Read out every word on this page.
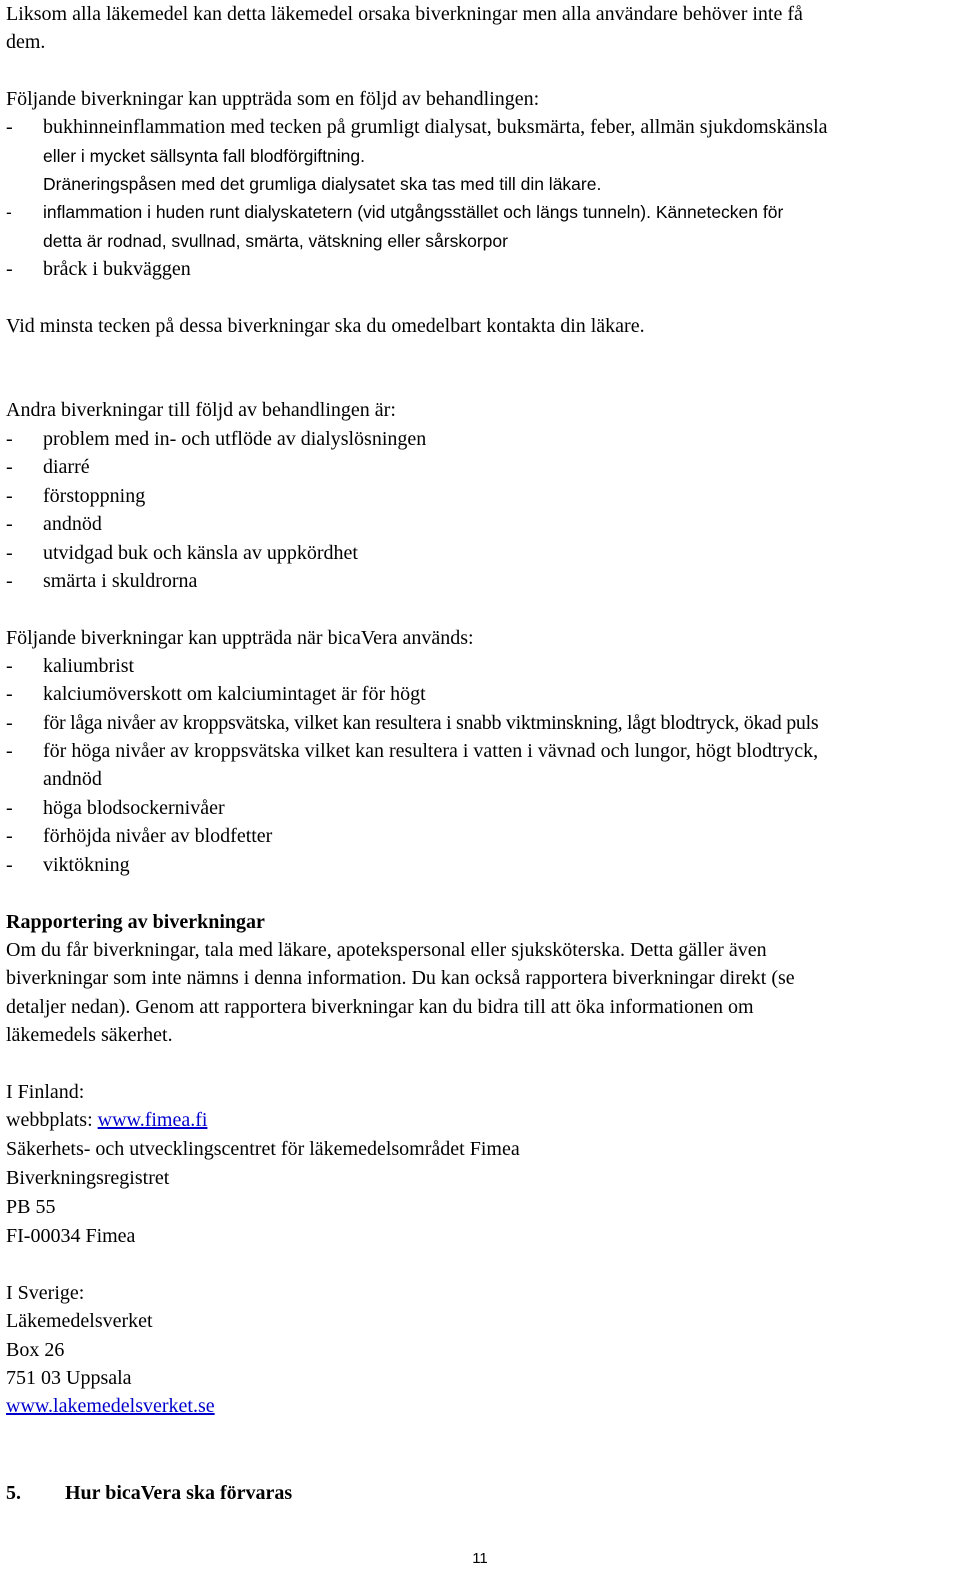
Liksom alla läkemedel kan detta läkemedel orsaka biverkningar men alla användare behöver inte få
dem.
Följande biverkningar kan uppträda som en följd av behandlingen:
- bukhinneinflammation med tecken på grumligt dialysat, buksmärta, feber, allmän sjukdomskänsla
eller i mycket sällsynta fall blodförgiftning.
Dräneringspåsen med det grumliga dialysatet ska tas med till din läkare.
- inflammation i huden runt dialyskatetern (vid utgångsstället och längs tunneln). Kännetecken för
detta är rodnad, svullnad, smärta, vätskning eller sårskorpor
- bråck i bukväggen
Vid minsta tecken på dessa biverkningar ska du omedelbart kontakta din läkare.
Andra biverkningar till följd av behandlingen är:
- problem med in- och utflöde av dialyslösningen
- diarré
- förstoppning
- andnöd
- utvidgad buk och känsla av uppkördhet
- smärta i skuldrorna
Följande biverkningar kan uppträda när bicaVera används:
- kaliumbrist
- kalciumöverskott om kalciumintaget är för högt
- för låga nivåer av kroppsvätska, vilket kan resultera i snabb viktminskning, lågt blodtryck, ökad puls
- för höga nivåer av kroppsvätska vilket kan resultera i vatten i vävnad och lungor, högt blodtryck,
andnöd
- höga blodsockernivåer
- förhöjda nivåer av blodfetter
- viktökning
Rapportering av biverkningar
Om du får biverkningar, tala med läkare, apotekspersonal eller sjuksköterska. Detta gäller även
biverkningar som inte nämns i denna information. Du kan också rapportera biverkningar direkt (se
detaljer nedan). Genom att rapportera biverkningar kan du bidra till att öka informationen om
läkemedels säkerhet.
I Finland:
webbplats: www.fimea.fi
Säkerhets- och utvecklingscentret för läkemedelsområdet Fimea
Biverkningsregistret
PB 55
FI-00034 Fimea
I Sverige:
Läkemedelsverket
Box 26
751 03 Uppsala
www.lakemedelsverket.se
5. Hur bicaVera ska förvaras
11
